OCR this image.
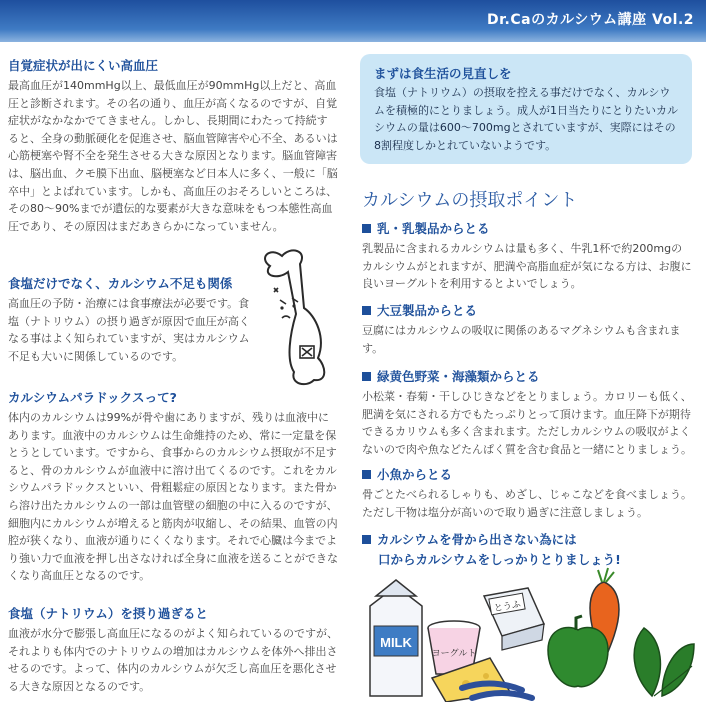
Dr.Caのカルシウム講座 Vol.2
自覚症状が出にくい高血圧

最高血圧が140mmHg以上、最低血圧が90mmHg以上だと、高血圧と診断されます。その名の通り、血圧が高くなるのですが、自覚症状がなかなかでてきません。しかし、長期間にわたって持続すると、全身の動脈硬化を促進させ、脳血管障害や心不全、あるいは心筋梗塞や腎不全を発生させる大きな原因となります。脳血管障害は、脳出血、クモ膜下出血、脳梗塞など日本人に多く、一般に「脳卒中」とよばれています。しかも、高血圧のおそろしいところは、その80～90%までが遺伝的な要素が大きな意味をもつ本態性高血圧であり、その原因はまだあきらかになっていません。

食塩だけでなく、カルシウム不足も関係

高血圧の予防・治療には食事療法が必要です。食塩（ナトリウム）の摂り過ぎが原因で血圧が高くなる事はよく知られていますが、実はカルシウム不足も大いに関係しているのです。

カルシウムパラドックスって?

体内のカルシウムは99%が骨や歯にありますが、残りは血液中にあります。血液中のカルシウムは生命維持のため、常に一定量を保とうとしています。ですから、食事からのカルシウム摂取が不足すると、骨のカルシウムが血液中に溶け出てくるのです。これをカルシウムパラドックスといい、骨粗鬆症の原因となります。また骨から溶け出たカルシウムの一部は血管壁の細胞の中に入るのですが、細胞内にカルシウムが増えると筋肉が収縮し、その結果、血管の内腔が狭くなり、血液が通りにくくなります。それで心臓は今までより強い力で血液を押し出さなければ全身に血液を送ることができなくなり高血圧となるのです。

食塩（ナトリウム）を摂り過ぎると

血液が水分で膨張し高血圧になるのがよく知られているのですが、それよりも体内でのナトリウムの増加はカルシウムを体外へ排出させるのです。よって、体内のカルシウムが欠乏し高血圧を悪化させる大きな原因となるのです。

まずは食生活の見直しを

食塩（ナトリウム）の摂取を控える事だけでなく、カルシウムを積極的にとりましょう。成人が1日当たりにとりたいカルシウムの量は600～700mgとされていますが、実際にはその8割程度しかとれていないようです。

カルシウムの摂取ポイント
乳・乳製品からとる

乳製品に含まれるカルシウムは量も多く、牛乳1杯で約200mgのカルシウムがとれますが、肥満や高脂血症が気になる方は、お腹に良いヨーグルトを利用するとよいでしょう。

大豆製品からとる

豆腐にはカルシウムの吸収に関係のあるマグネシウムも含まれます。

緑黄色野菜・海藻類からとる

小松菜・春菊・干しひじきなどをとりましょう。カロリーも低く、肥満を気にされる方でもたっぷりとって頂けます。血圧降下が期待できるカリウムも多く含まれます。ただしカルシウムの吸収がよくないので肉や魚などたんぱく質を含む食品と一緒にとりましょう。

小魚からとる

骨ごとたべられるしゃりも、めざし、じゃこなどを食べましょう。ただし干物は塩分が高いので取り過ぎに注意しましょう。

カルシウムを骨から出さない為には
口からカルシウムをしっかりとりましょう!
MILK
ヨーグルト
とうふ
